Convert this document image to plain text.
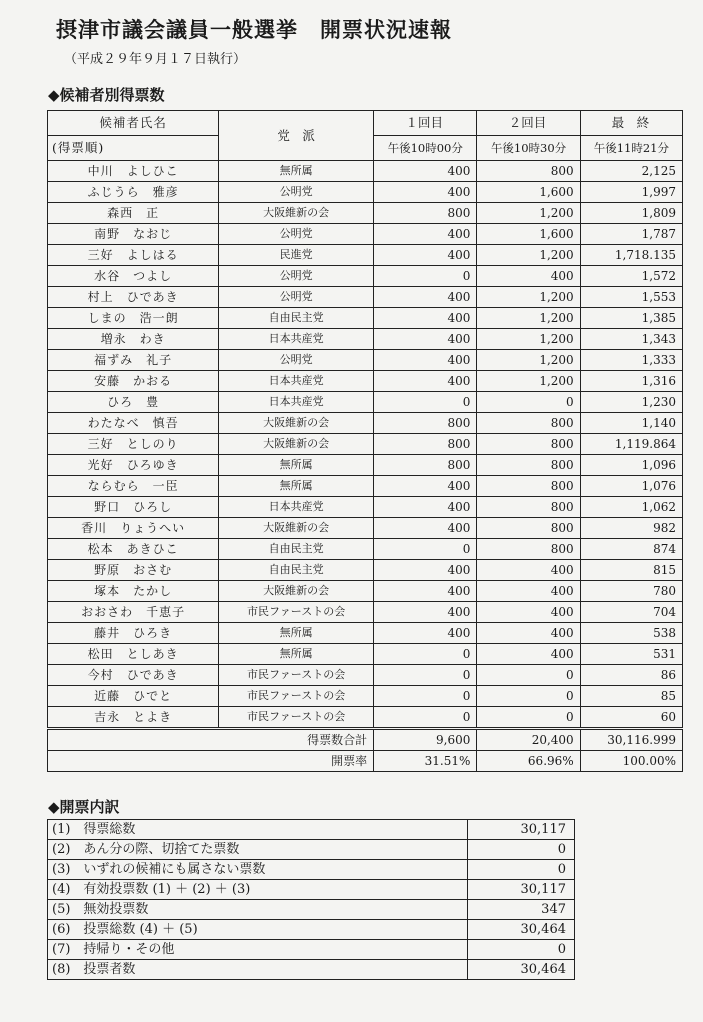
摂津市議会議員一般選挙　開票状況速報
（平成２９年９月１７日執行）
◆候補者別得票数
候補者氏名	党　派	１回目	２回目	最　終
(得票順)		午後10時00分	午後10時30分	午後11時21分
中川　よしひこ	無所属	400	800	2,125
ふじうら　雅彦	公明党	400	1,600	1,997
森西　正	大阪維新の会	800	1,200	1,809
南野　なおじ	公明党	400	1,600	1,787
三好　よしはる	民進党	400	1,200	1,718.135
水谷　つよし	公明党	0	400	1,572
村上　ひであき	公明党	400	1,200	1,553
しまの　浩一朗	自由民主党	400	1,200	1,385
増永　わき	日本共産党	400	1,200	1,343
福ずみ　礼子	公明党	400	1,200	1,333
安藤　かおる	日本共産党	400	1,200	1,316
ひろ　豊	日本共産党	0	0	1,230
わたなべ　慎吾	大阪維新の会	800	800	1,140
三好　としのり	大阪維新の会	800	800	1,119.864
光好　ひろゆき	無所属	800	800	1,096
ならむら　一臣	無所属	400	800	1,076
野口　ひろし	日本共産党	400	800	1,062
香川　りょうへい	大阪維新の会	400	800	982
松本　あきひこ	自由民主党	0	800	874
野原　おさむ	自由民主党	400	400	815
塚本　たかし	大阪維新の会	400	400	780
おおさわ　千恵子	市民ファーストの会	400	400	704
藤井　ひろき	無所属	400	400	538
松田　としあき	無所属	0	400	531
今村　ひであき	市民ファーストの会	0	0	86
近藤　ひでと	市民ファーストの会	0	0	85
吉永　とよき	市民ファーストの会	0	0	60
得票数合計		9,600	20,400	30,116.999
開票率		31.51%	66.96%	100.00%
◆開票内訳
(1)　得票総数	30,117
(2)　あん分の際、切捨てた票数	0
(3)　いずれの候補にも属さない票数	0
(4)　有効投票数 (1) ＋ (2) ＋ (3)	30,117
(5)　無効投票数	347
(6)　投票総数 (4) ＋ (5)	30,464
(7)　持帰り・その他	0
(8)　投票者数	30,464
